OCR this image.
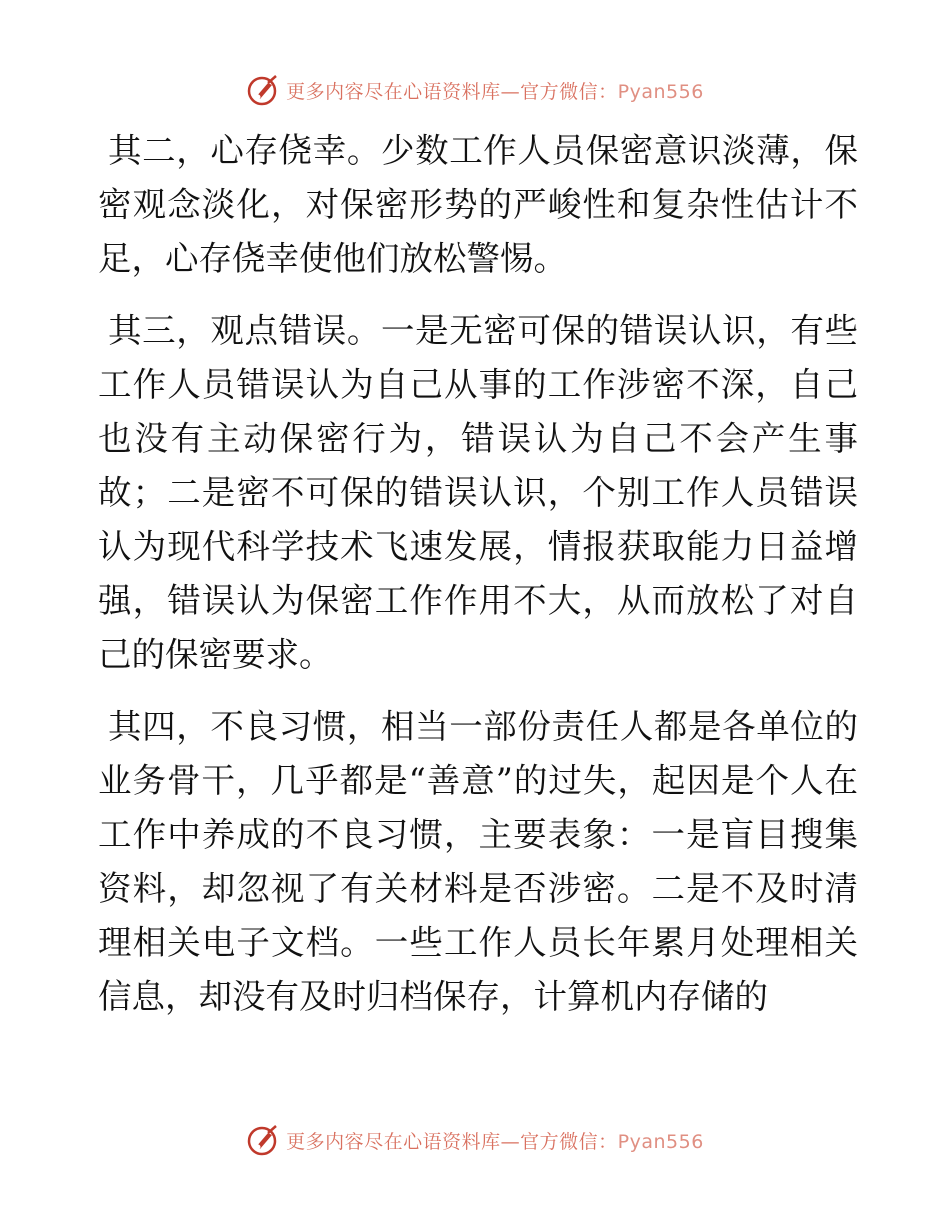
更多内容尽在心语资料库—官方微信：Pyan556

其二，心存侥幸。少数工作人员保密意识淡薄，保密观念淡化，对保密形势的严峻性和复杂性估计不足，心存侥幸使他们放松警惕。

其三，观点错误。一是无密可保的错误认识，有些工作人员错误认为自己从事的工作涉密不深，自己也没有主动保密行为，错误认为自己不会产生事故；二是密不可保的错误认识，个别工作人员错误认为现代科学技术飞速发展，情报获取能力日益增强，错误认为保密工作作用不大，从而放松了对自己的保密要求。

其四，不良习惯，相当一部份责任人都是各单位的业务骨干，几乎都是“善意”的过失，起因是个人在工作中养成的不良习惯，主要表象：一是盲目搜集资料，却忽视了有关材料是否涉密。二是不及时清理相关电子文档。一些工作人员长年累月处理相关信息，却没有及时归档保存，计算机内存储的

更多内容尽在心语资料库—官方微信：Pyan556
